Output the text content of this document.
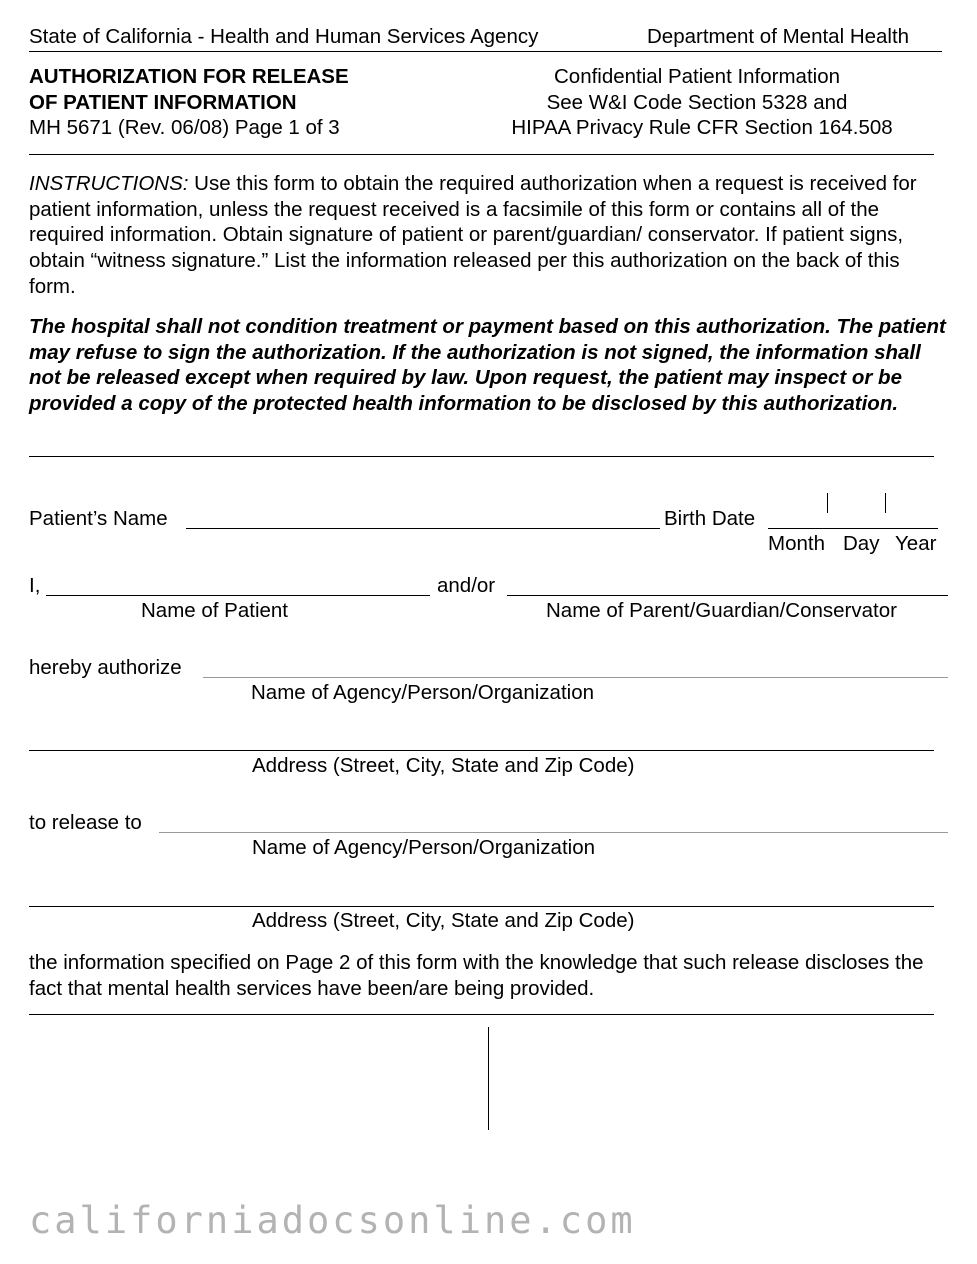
State of California - Health and Human Services Agency	Department of Mental Health
AUTHORIZATION FOR RELEASE
OF PATIENT INFORMATION
MH 5671 (Rev. 06/08) Page 1 of 3
Confidential Patient Information
See W&I Code Section 5328 and
HIPAA Privacy Rule CFR Section 164.508
INSTRUCTIONS: Use this form to obtain the required authorization when a request is received for patient information, unless the request received is a facsimile of this form or contains all of the required information. Obtain signature of patient or parent/guardian/ conservator. If patient signs, obtain “witness signature.” List the information released per this authorization on the back of this form.
The hospital shall not condition treatment or payment based on this authorization. The patient may refuse to sign the authorization. If the authorization is not signed, the information shall not be released except when required by law. Upon request, the patient may inspect or be provided a copy of the protected health information to be disclosed by this authorization.
Patient’s Name	Birth Date
Month Day Year
I,	and/or
Name of Patient	Name of Parent/Guardian/Conservator
hereby authorize
Name of Agency/Person/Organization
Address (Street, City, State and Zip Code)
to release to
Name of Agency/Person/Organization
Address (Street, City, State and Zip Code)
the information specified on Page 2 of this form with the knowledge that such release discloses the fact that mental health services have been/are being provided.
californiadocsonline.com
